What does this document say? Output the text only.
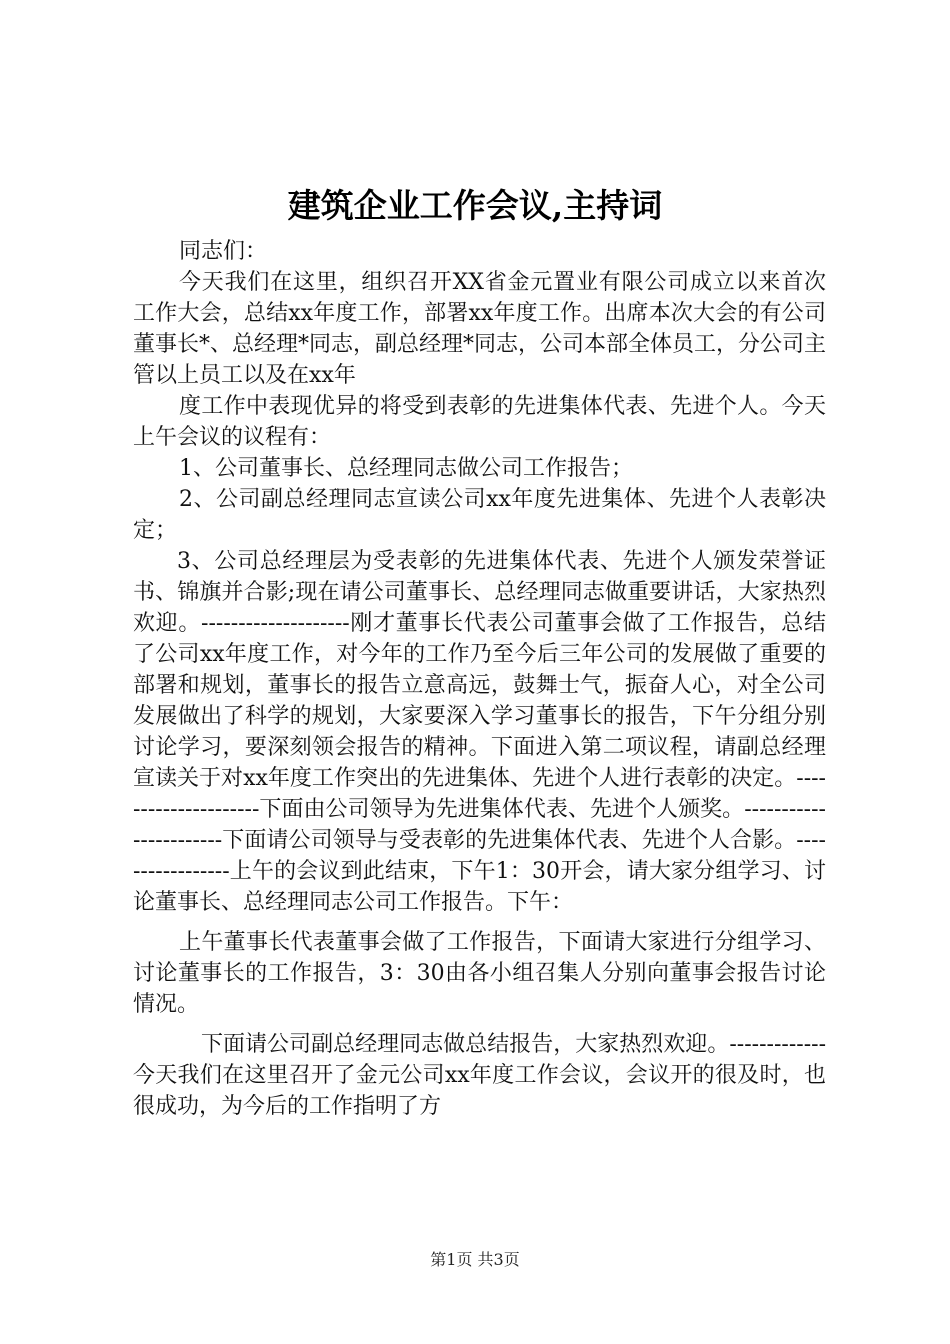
建筑企业工作会议,主持词

同志们：

今天我们在这里，组织召开XX省金元置业有限公司成立以来首次工作大会，总结xx年度工作，部署xx年度工作。出席本次大会的有公司董事长*、总经理*同志，副总经理*同志，公司本部全体员工，分公司主管以上员工以及在xx年

度工作中表现优异的将受到表彰的先进集体代表、先进个人。今天上午会议的议程有：

1、公司董事长、总经理同志做公司工作报告；

2、公司副总经理同志宣读公司xx年度先进集体、先进个人表彰决定；

3、公司总经理层为受表彰的先进集体代表、先进个人颁发荣誉证书、锦旗并合影;现在请公司董事长、总经理同志做重要讲话，大家热烈欢迎。--------------------刚才董事长代表公司董事会做了工作报告，总结了公司xx年度工作，对今年的工作乃至今后三年公司的发展做了重要的部署和规划，董事长的报告立意高远，鼓舞士气，振奋人心，对全公司发展做出了科学的规划，大家要深入学习董事长的报告，下午分组分别讨论学习，要深刻领会报告的精神。下面进入第二项议程，请副总经理宣读关于对xx年度工作突出的先进集体、先进个人进行表彰的决定。---------------------下面由公司领导为先进集体代表、先进个人颁奖。-----------------------下面请公司领导与受表彰的先进集体代表、先进个人合影。-----------------上午的会议到此结束，下午1：30开会，请大家分组学习、讨论董事长、总经理同志公司工作报告。下午：

上午董事长代表董事会做了工作报告，下面请大家进行分组学习、讨论董事长的工作报告，3：30由各小组召集人分别向董事会报告讨论情况。

下面请公司副总经理同志做总结报告，大家热烈欢迎。-------------今天我们在这里召开了金元公司xx年度工作会议，会议开的很及时，也很成功，为今后的工作指明了方

第1页 共3页
